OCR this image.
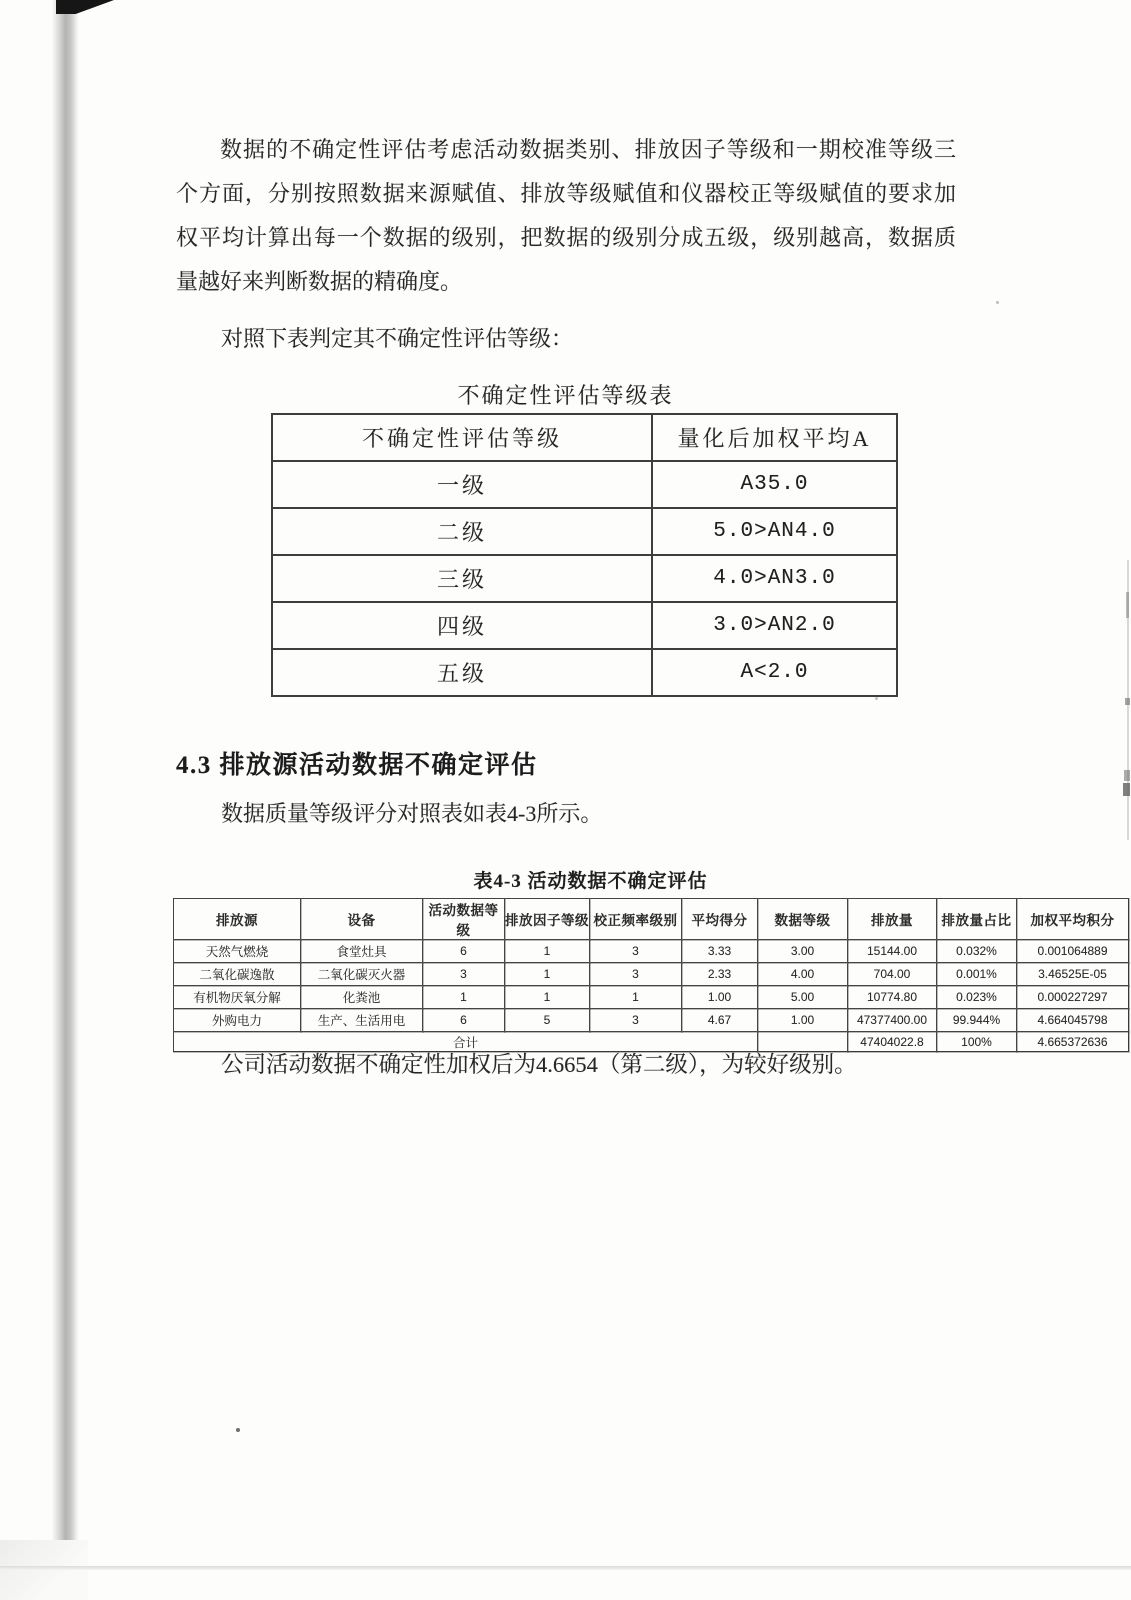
数据的不确定性评估考虑活动数据类别、排放因子等级和一期校准等级三
个方面，分别按照数据来源赋值、排放等级赋值和仪器校正等级赋值的要求加
权平均计算出每一个数据的级别，把数据的级别分成五级，级别越高，数据质
量越好来判断数据的精确度。
对照下表判定其不确定性评估等级：
不确定性评估等级表
不确定性评估等级	量化后加权平均A
一级	A35.0
二级	5.0>AN4.0
三级	4.0>AN3.0
四级	3.0>AN2.0
五级	A<2.0
4.3 排放源活动数据不确定评估
数据质量等级评分对照表如表4-3所示。
表4-3 活动数据不确定评估
排放源	设备	活动数据等级	排放因子等级	校正频率级别	平均得分	数据等级	排放量	排放量占比	加权平均积分
天然气燃烧	食堂灶具	6	1	3	3.33	3.00	15144.00	0.032%	0.001064889
二氧化碳逸散	二氧化碳灭火器	3	1	3	2.33	4.00	704.00	0.001%	3.46525E-05
有机物厌氧分解	化粪池	1	1	1	1.00	5.00	10774.80	0.023%	0.000227297
外购电力	生产、生活用电	6	5	3	4.67	1.00	47377400.00	99.944%	4.664045798
合计							47404022.8	100%	4.665372636
公司活动数据不确定性加权后为4.6654（第二级），为较好级别。
